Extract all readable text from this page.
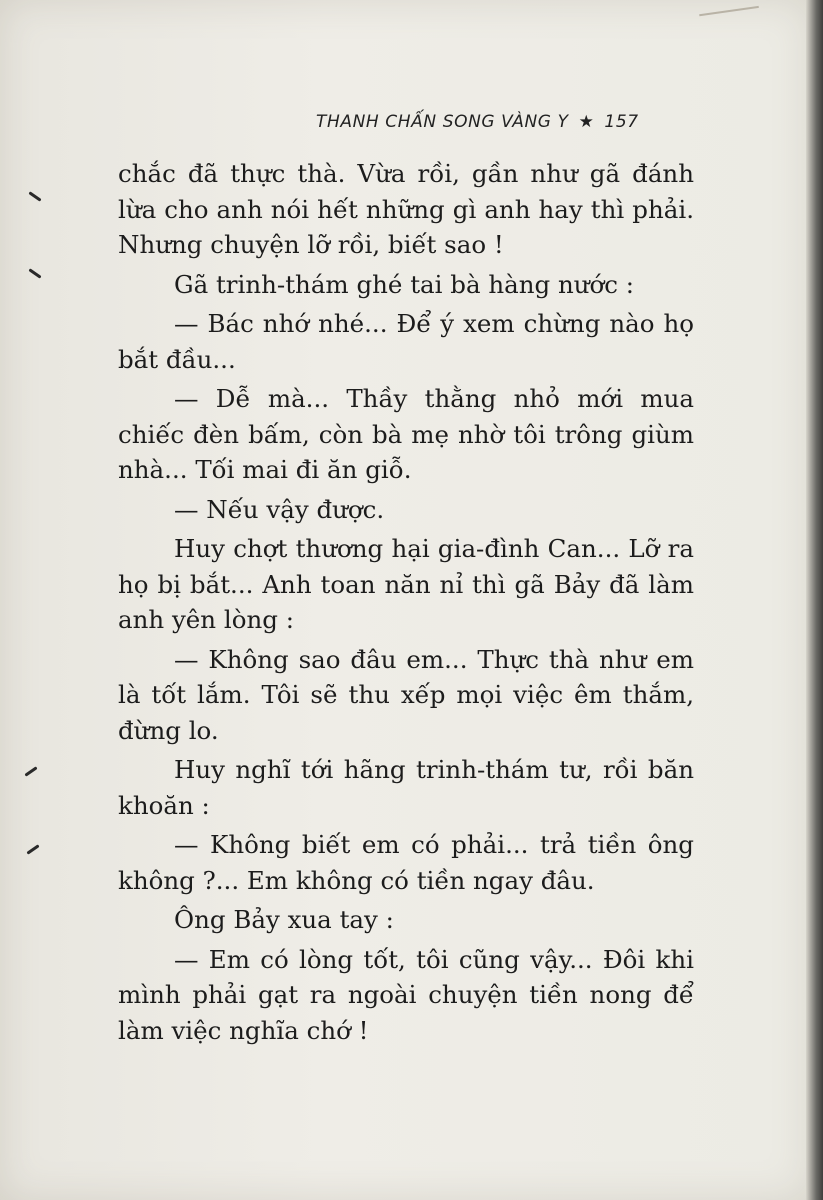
THANH CHẤN SONG VÀNG Y ★ 157

chắc đã thực thà. Vừa rồi, gần như gã đánh lừa cho anh nói hết những gì anh hay thì phải. Nhưng chuyện lỡ rồi, biết sao !

Gã trinh-thám ghé tai bà hàng nước :

— Bác nhớ nhé... Để ý xem chừng nào họ bắt đầu...

— Dễ mà... Thầy thằng nhỏ mới mua chiếc đèn bấm, còn bà mẹ nhờ tôi trông giùm nhà... Tối mai đi ăn giỗ.

— Nếu vậy được.

Huy chợt thương hại gia-đình Can... Lỡ ra họ bị bắt... Anh toan năn nỉ thì gã Bảy đã làm anh yên lòng :

— Không sao đâu em... Thực thà như em là tốt lắm. Tôi sẽ thu xếp mọi việc êm thắm, đừng lo.

Huy nghĩ tới hãng trinh-thám tư, rồi băn khoăn :

— Không biết em có phải... trả tiền ông không ?... Em không có tiền ngay đâu.

Ông Bảy xua tay :

— Em có lòng tốt, tôi cũng vậy... Đôi khi mình phải gạt ra ngoài chuyện tiền nong để làm việc nghĩa chớ !
